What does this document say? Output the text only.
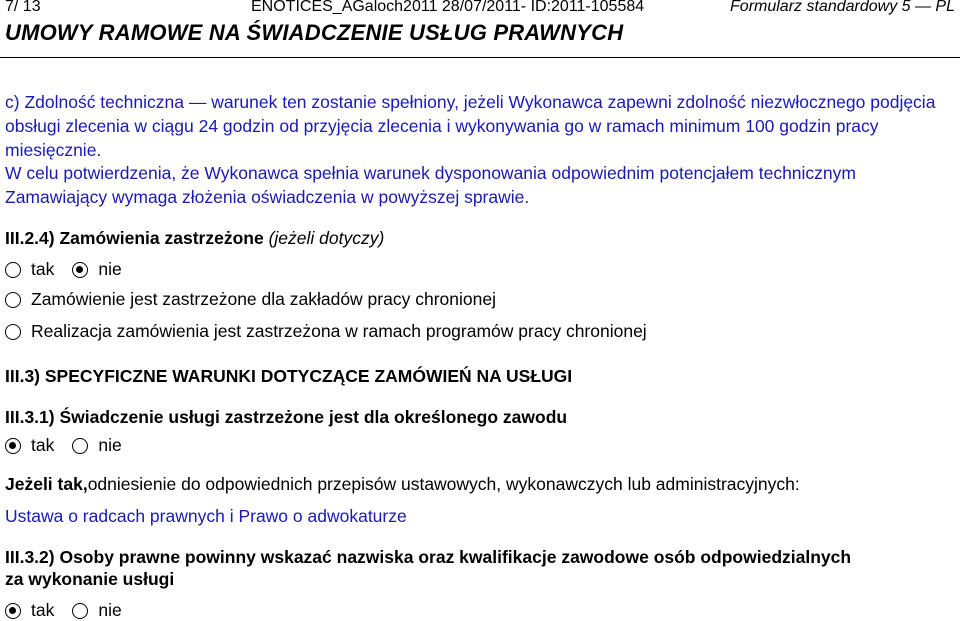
7/ 13	ENOTICES_AGaloch2011 28/07/2011- ID:2011-105584	Formularz standardowy 5 — PL
UMOWY RAMOWE NA ŚWIADCZENIE USŁUG PRAWNYCH
c) Zdolność techniczna — warunek ten zostanie spełniony, jeżeli Wykonawca zapewni zdolność niezwłocznego podjęcia obsługi zlecenia w ciągu 24 godzin od przyjęcia zlecenia i wykonywania go w ramach minimum 100 godzin pracy miesięcznie.
W celu potwierdzenia, że Wykonawca spełnia warunek dysponowania odpowiednim potencjałem technicznym Zamawiający wymaga złożenia oświadczenia w powyższej sprawie.
III.2.4) Zamówienia zastrzeżone (jeżeli dotyczy)
tak	nie
Zamówienie jest zastrzeżone dla zakładów pracy chronionej
Realizacja zamówienia jest zastrzeżona w ramach programów pracy chronionej
III.3) SPECYFICZNE WARUNKI DOTYCZĄCE ZAMÓWIEŃ NA USŁUGI
III.3.1) Świadczenie usługi zastrzeżone jest dla określonego zawodu
tak	nie
Jeżeli tak,odniesienie do odpowiednich przepisów ustawowych, wykonawczych lub administracyjnych:
Ustawa o radcach prawnych i Prawo o adwokaturze
III.3.2) Osoby prawne powinny wskazać nazwiska oraz kwalifikacje zawodowe osób odpowiedzialnych
za wykonanie usługi
tak	nie
